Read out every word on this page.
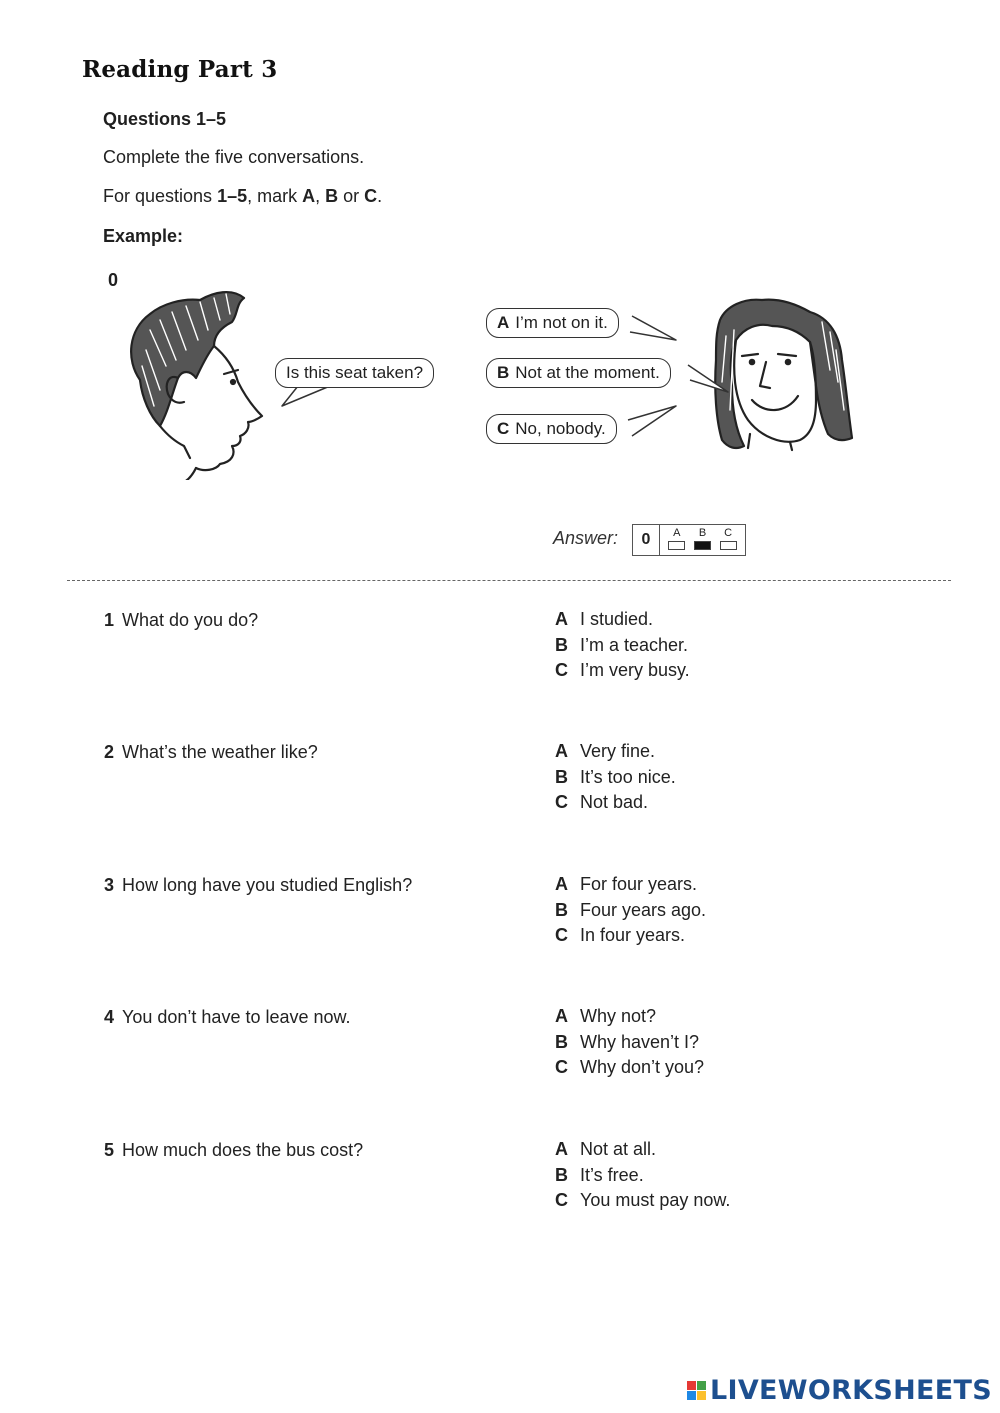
Reading Part 3
Questions 1–5
Complete the five conversations.
For questions 1–5, mark A, B or C.
Example:
0
Is this seat taken?
A I’m not on it.
B Not at the moment.
C No, nobody.
Answer:	0	A B C
1 What do you do?	A I studied.
B I’m a teacher.
C I’m very busy.
2 What’s the weather like?	A Very fine.
B It’s too nice.
C Not bad.
3 How long have you studied English?	A For four years.
B Four years ago.
C In four years.
4 You don’t have to leave now.	A Why not?
B Why haven’t I?
C Why don’t you?
5 How much does the bus cost?	A Not at all.
B It’s free.
C You must pay now.
LIVEWORKSHEETS
